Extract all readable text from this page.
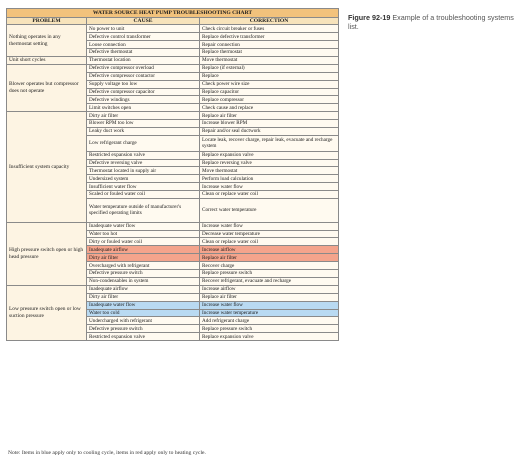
WATER SOURCE HEAT PUMP TROUBLESHOOTING CHART		
PROBLEM	CAUSE	CORRECTION
Nothing operates in any thermostat setting	No power to unit	Check circuit breaker or fuses
	Defective control transformer	Replace defective transformer
	Loose connection	Repair connection
	Defective thermostat	Replace thermostat
Unit short cycles	Thermostat location	Move thermostat
Blower operates but compressor does not operate	Defective compressor overload	Replace (if external)
	Defective compressor contactor	Replace
	Supply voltage too low	Check power wire size
	Defective compressor capacitor	Replace capacitor
	Defective windings	Replace compressor
	Limit switches open	Check cause and replace
Insufficient system capacity	Dirty air filter	Replace air filter
	Blower RPM too low	Increase blower RPM
	Leaky duct work	Repair and/or seal ductwork
	Low refrigerant charge	Locate leak, recover charge, repair leak, evacuate and recharge system
	Restricted expansion valve	Replace expansion valve
	Defective reversing valve	Replace reversing valve
	Thermostat located in supply air	Move thermostat
	Undersized system	Perform load calculation
	Insufficient water flow	Increase water flow
	Scaled or fouled water coil	Clean or replace water coil
	Water temperature outside of manufacturer's specified operating limits	Correct water temperature
High pressure switch open or high head pressure	Inadequate water flow	Increase water flow
	Water too hot	Decrease water temperature
	Dirty or fouled water coil	Clean or replace water coil
	Inadequate airflow	Increase airflow
	Dirty air filter	Replace air filter
	Overcharged with refrigerant	Recover charge
	Defective pressure switch	Replace pressure switch
	Non-condensables in system	Recover refrigerant, evacuate and recharge
Low pressure switch open or low suction pressure	Inadequate airflow	Increase airflow
	Dirty air filter	Replace air filter
	Inadequate water flow	Increase water flow
	Water too cold	Increase water temperature
	Undercharged with refrigerant	Add refrigerant charge
	Defective pressure switch	Replace pressure switch
	Restricted expansion valve	Replace expansion valve
Note: Items in blue apply only to cooling cycle, items in red apply only to heating cycle.
Figure 92-19 Example of a troubleshooting systems list.
